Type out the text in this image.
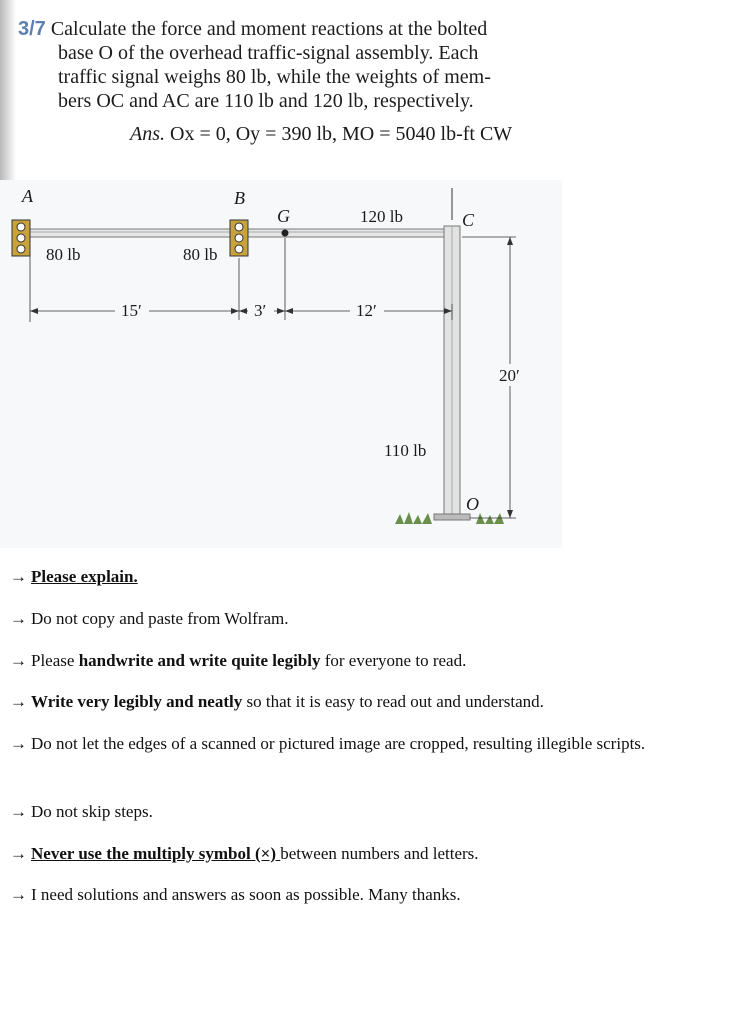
3/7 Calculate the force and moment reactions at the bolted
base O of the overhead traffic-signal assembly. Each
traffic signal weighs 80 lb, while the weights of mem-
bers OC and AC are 110 lb and 120 lb, respectively.
Ans. Ox = 0, Oy = 390 lb, MO = 5040 lb-ft CW
A	B
G	C
O
80 lb	80 lb
120 lb
110 lb
15′	3′	12′
20′
→ Please explain.
→ Do not copy and paste from Wolfram.
→ Please handwrite and write quite legibly for everyone to read.
→ Write very legibly and neatly so that it is easy to read out and understand.
→ Do not let the edges of a scanned or pictured image are cropped, resulting illegible scripts.
→ Do not skip steps.
→ Never use the multiply symbol (×) between numbers and letters.
→ I need solutions and answers as soon as possible. Many thanks.
